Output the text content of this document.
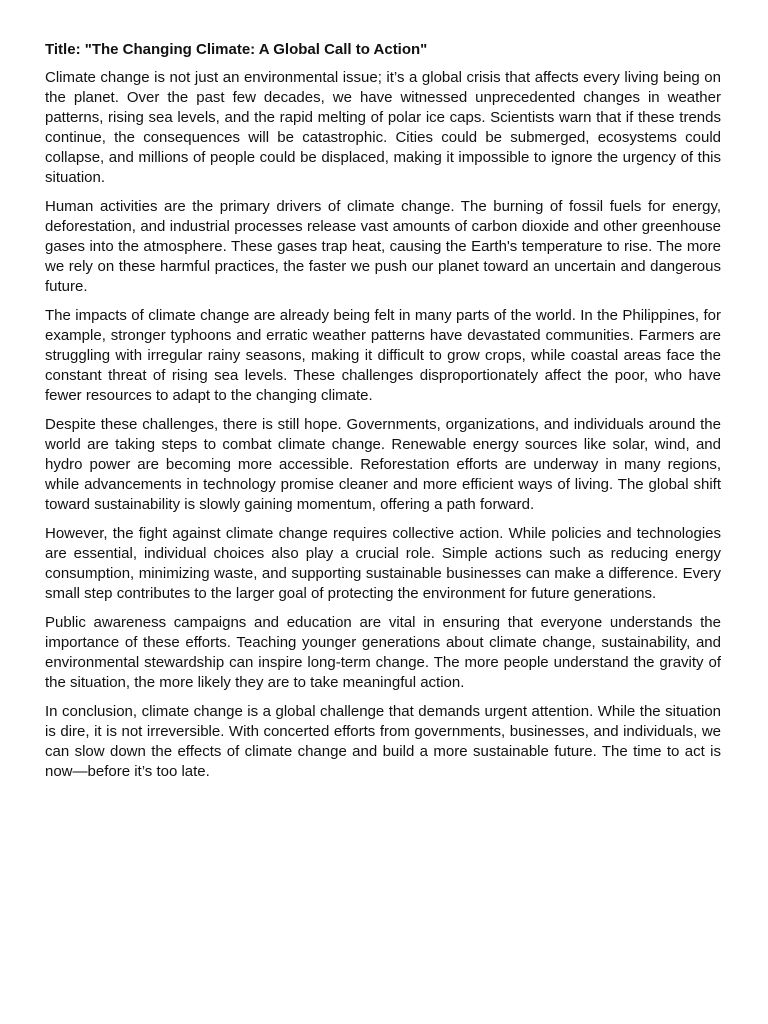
Title: "The Changing Climate: A Global Call to Action"

Climate change is not just an environmental issue; it’s a global crisis that affects every living being on the planet. Over the past few decades, we have witnessed unprecedented changes in weather patterns, rising sea levels, and the rapid melting of polar ice caps. Scientists warn that if these trends continue, the consequences will be catastrophic. Cities could be submerged, ecosystems could collapse, and millions of people could be displaced, making it impossible to ignore the urgency of this situation.

Human activities are the primary drivers of climate change. The burning of fossil fuels for energy, deforestation, and industrial processes release vast amounts of carbon dioxide and other greenhouse gases into the atmosphere. These gases trap heat, causing the Earth's temperature to rise. The more we rely on these harmful practices, the faster we push our planet toward an uncertain and dangerous future.

The impacts of climate change are already being felt in many parts of the world. In the Philippines, for example, stronger typhoons and erratic weather patterns have devastated communities. Farmers are struggling with irregular rainy seasons, making it difficult to grow crops, while coastal areas face the constant threat of rising sea levels. These challenges disproportionately affect the poor, who have fewer resources to adapt to the changing climate.

Despite these challenges, there is still hope. Governments, organizations, and individuals around the world are taking steps to combat climate change. Renewable energy sources like solar, wind, and hydro power are becoming more accessible. Reforestation efforts are underway in many regions, while advancements in technology promise cleaner and more efficient ways of living. The global shift toward sustainability is slowly gaining momentum, offering a path forward.

However, the fight against climate change requires collective action. While policies and technologies are essential, individual choices also play a crucial role. Simple actions such as reducing energy consumption, minimizing waste, and supporting sustainable businesses can make a difference. Every small step contributes to the larger goal of protecting the environment for future generations.

Public awareness campaigns and education are vital in ensuring that everyone understands the importance of these efforts. Teaching younger generations about climate change, sustainability, and environmental stewardship can inspire long-term change. The more people understand the gravity of the situation, the more likely they are to take meaningful action.

In conclusion, climate change is a global challenge that demands urgent attention. While the situation is dire, it is not irreversible. With concerted efforts from governments, businesses, and individuals, we can slow down the effects of climate change and build a more sustainable future. The time to act is now—before it’s too late.
